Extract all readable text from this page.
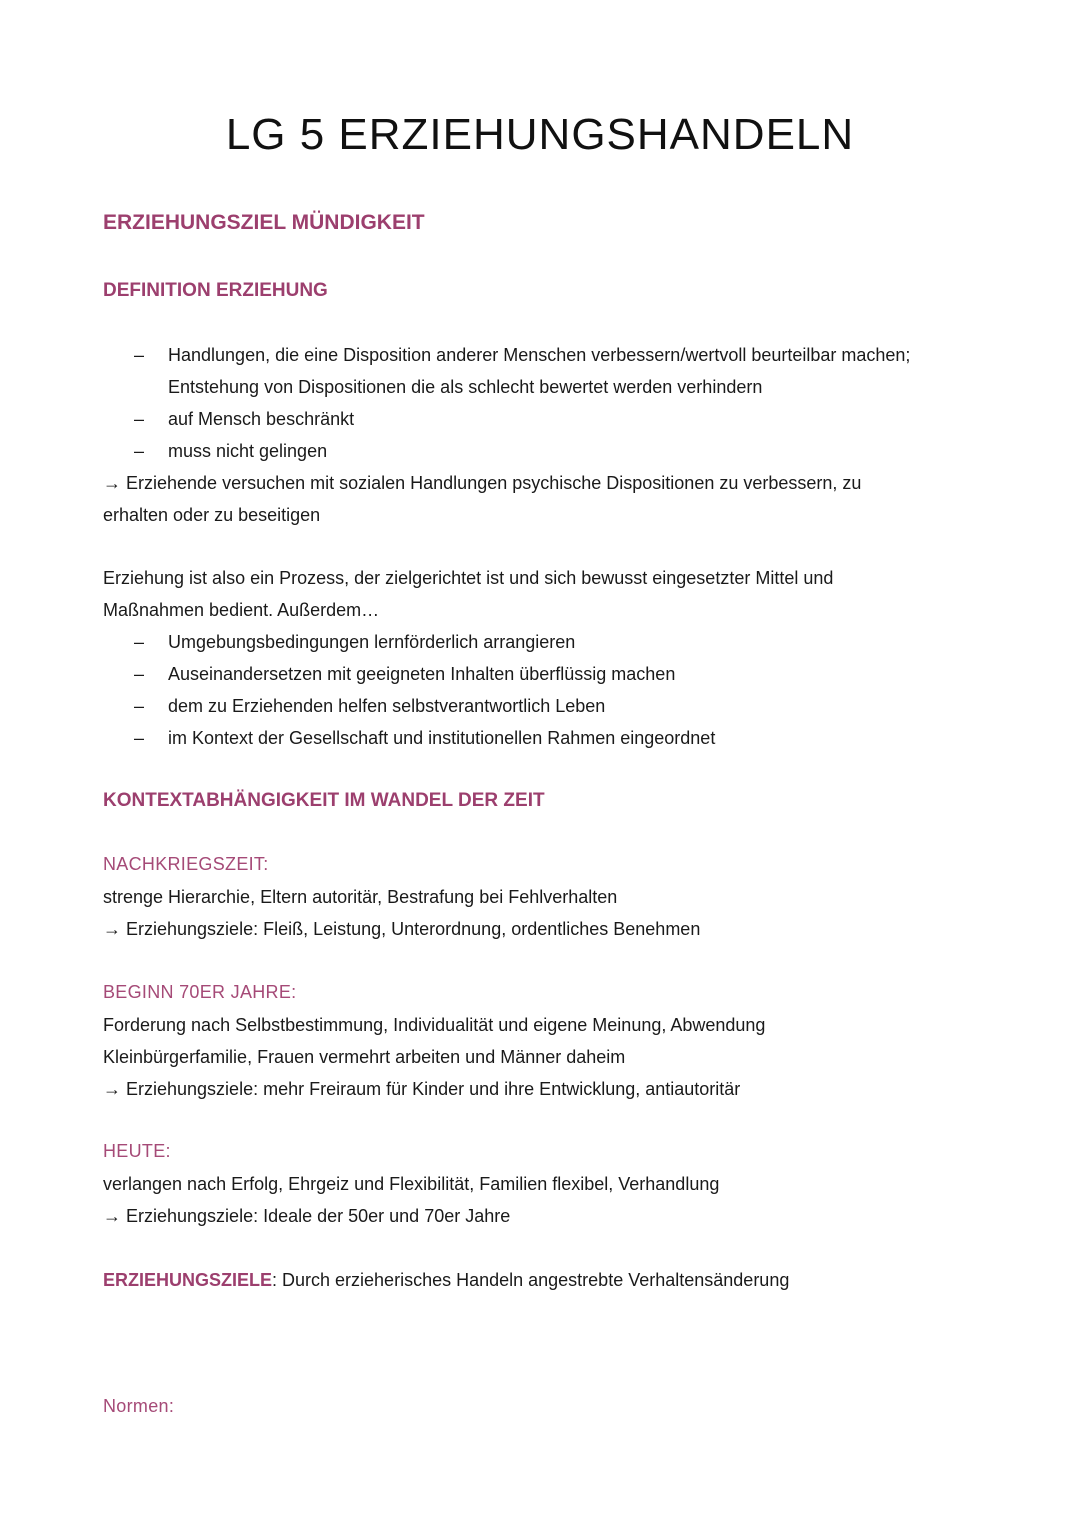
LG 5 ERZIEHUNGSHANDELN
ERZIEHUNGSZIEL MÜNDIGKEIT
DEFINITION ERZIEHUNG
– Handlungen, die eine Disposition anderer Menschen verbessern/wertvoll beurteilbar machen; Entstehung von Dispositionen die als schlecht bewertet werden verhindern
– auf Mensch beschränkt
– muss nicht gelingen

→ Erziehende versuchen mit sozialen Handlungen psychische Dispositionen zu verbessern, zu

erhalten oder zu beseitigen

Erziehung ist also ein Prozess, der zielgerichtet ist und sich bewusst eingesetzter Mittel und

Maßnahmen bedient. Außerdem…

– Umgebungsbedingungen lernförderlich arrangieren
– Auseinandersetzen mit geeigneten Inhalten überflüssig machen
– dem zu Erziehenden helfen selbstverantwortlich Leben
– im Kontext der Gesellschaft und institutionellen Rahmen eingeordnet
KONTEXTABHÄNGIGKEIT IM WANDEL DER ZEIT

NACHKRIEGSZEIT:

strenge Hierarchie, Eltern autoritär, Bestrafung bei Fehlverhalten

→ Erziehungsziele: Fleiß, Leistung, Unterordnung, ordentliches Benehmen

BEGINN 70ER JAHRE:

Forderung nach Selbstbestimmung, Individualität und eigene Meinung, Abwendung

Kleinbürgerfamilie, Frauen vermehrt arbeiten und Männer daheim

→ Erziehungsziele: mehr Freiraum für Kinder und ihre Entwicklung, antiautoritär

HEUTE:

verlangen nach Erfolg, Ehrgeiz und Flexibilität, Familien flexibel, Verhandlung

→ Erziehungsziele: Ideale der 50er und 70er Jahre

ERZIEHUNGSZIELE: Durch erzieherisches Handeln angestrebte Verhaltensänderung

Normen:
